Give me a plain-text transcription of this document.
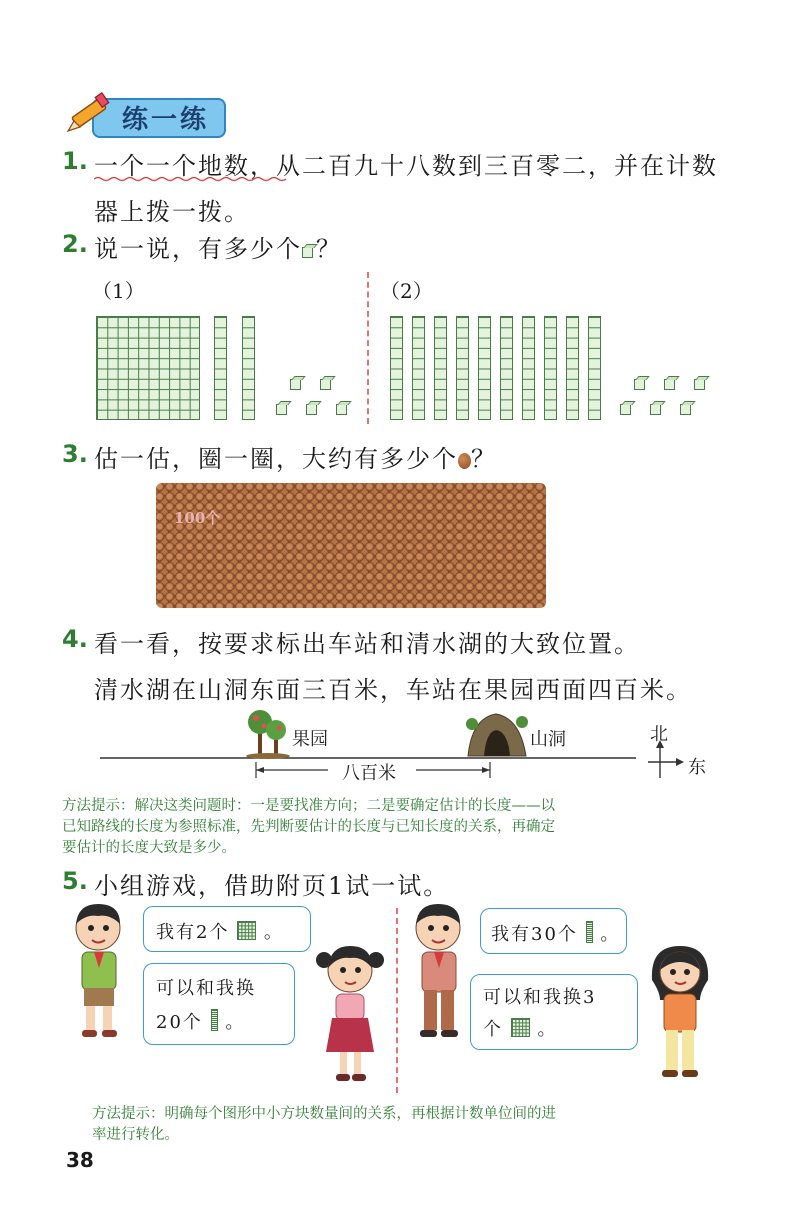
练一练
1. 一个一个地数，从二百九十八数到三百零二，并在计数
器上拨一拨。
2. 说一说，有多少个 ？
（1）	（2）
3. 估一估，圈一圈，大约有多少个 ？
100个
4. 看一看，按要求标出车站和清水湖的大致位置。
清水湖在山洞东面三百米，车站在果园西面四百米。
果园	山洞
八百米
北
东
方法提示：解决这类问题时：一是要找准方向；二是要确定估计的长度——以
已知路线的长度为参照标准，先判断要估计的长度与已知长度的关系，再确定
要估计的长度大致是多少。
5. 小组游戏，借助附页1试一试。
我有2个 。
可以和我换
20个 。
我有30个 。
可以和我换3
个 。
方法提示：明确每个图形中小方块数量间的关系，再根据计数单位间的进
率进行转化。
38
